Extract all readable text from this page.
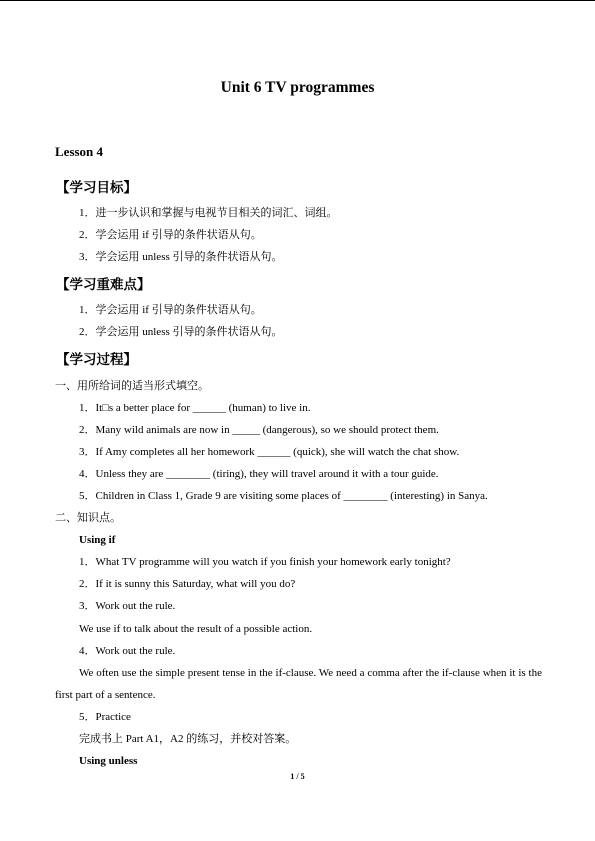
Unit 6 TV programmes
Lesson 4
【学习目标】
1．进一步认识和掌握与电视节目相关的词汇、词组。
2．学会运用 if 引导的条件状语从句。
3．学会运用 unless 引导的条件状语从句。
【学习重难点】
1．学会运用 if 引导的条件状语从句。
2．学会运用 unless 引导的条件状语从句。
【学习过程】
一、用所给词的适当形式填空。
1．It□s a better place for ______ (human) to live in.
2．Many wild animals are now in _____ (dangerous), so we should protect them.
3．If Amy completes all her homework ______ (quick), she will watch the chat show.
4．Unless they are ________ (tiring), they will travel around it with a tour guide.
5．Children in Class 1, Grade 9 are visiting some places of ________ (interesting) in Sanya.
二、知识点。
Using if
1．What TV programme will you watch if you finish your homework early tonight?
2．If it is sunny this Saturday, what will you do?
3．Work out the rule.
We use if to talk about the result of a possible action.
4．Work out the rule.
We often use the simple present tense in the if-clause. We need a comma after the if-clause when it is the first part of a sentence.
5．Practice
完成书上 Part A1，A2 的练习，并校对答案。
Using unless
1 / 5
